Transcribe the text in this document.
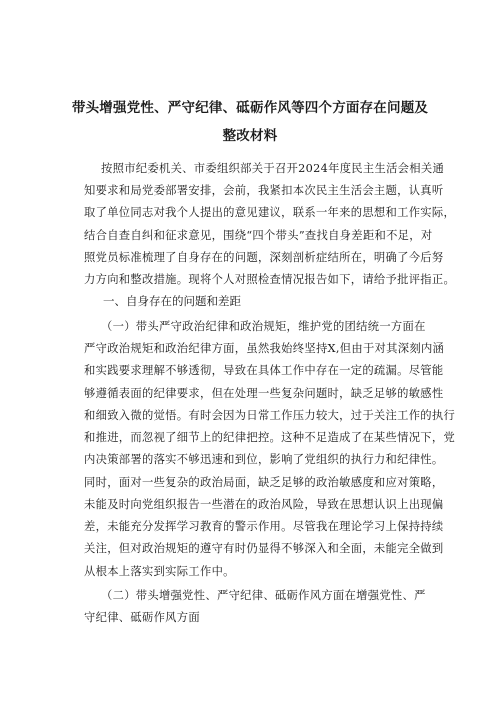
带头增强党性、严守纪律、砥砺作风等四个方面存在问题及
整改材料
按照市纪委机关、市委组织部关于召开2024年度民主生活会相关通
知要求和局党委部署安排，会前，我紧扣本次民主生活会主题，认真听
取了单位同志对我个人提出的意见建议，联系一年来的思想和工作实际，
结合自查自纠和征求意见，围绕“四个带头”查找自身差距和不足，对
照党员标准梳理了自身存在的问题，深刻剖析症结所在，明确了今后努
力方向和整改措施。现将个人对照检查情况报告如下，请给予批评指正。
一、自身存在的问题和差距
（一）带头严守政治纪律和政治规矩，维护党的团结统一方面在
严守政治规矩和政治纪律方面，虽然我始终坚持X,但由于对其深刻内涵
和实践要求理解不够透彻，导致在具体工作中存在一定的疏漏。尽管能
够遵循表面的纪律要求，但在处理一些复杂问题时，缺乏足够的敏感性
和细致入微的觉悟。有时会因为日常工作压力较大，过于关注工作的执行
和推进，而忽视了细节上的纪律把控。这种不足造成了在某些情况下，党
内决策部署的落实不够迅速和到位，影响了党组织的执行力和纪律性。
同时，面对一些复杂的政治局面，缺乏足够的政治敏感度和应对策略，
未能及时向党组织报告一些潜在的政治风险，导致在思想认识上出现偏
差，未能充分发挥学习教育的警示作用。尽管我在理论学习上保持持续
关注，但对政治规矩的遵守有时仍显得不够深入和全面，未能完全做到
从根本上落实到实际工作中。
（二）带头增强党性、严守纪律、砥砺作风方面在增强党性、严
守纪律、砥砺作风方面
